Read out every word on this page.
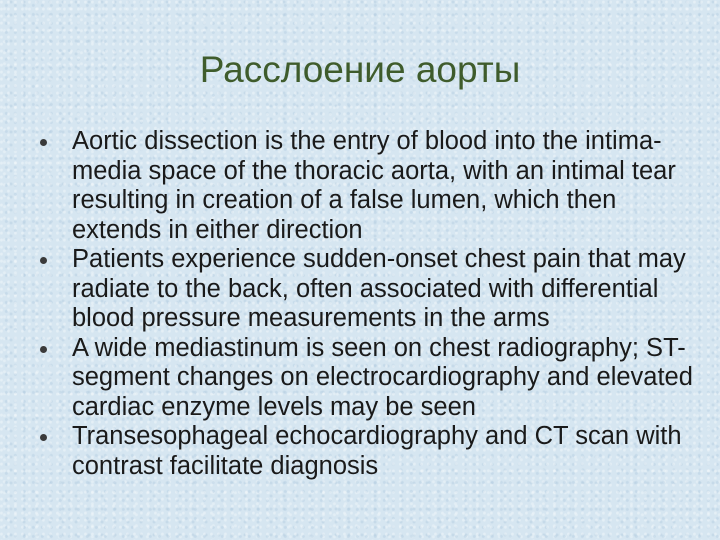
Расслоение аорты
Aortic dissection is the entry of blood into the intima-media space of the thoracic aorta, with an intimal tear resulting in creation of a false lumen, which then extends in either direction
Patients experience sudden-onset chest pain that may radiate to the back, often associated with differential blood pressure measurements in the arms
A wide mediastinum is seen on chest radiography; ST-segment changes on electrocardiography and elevated cardiac enzyme levels may be seen
Transesophageal echocardiography and CT scan with contrast facilitate diagnosis
